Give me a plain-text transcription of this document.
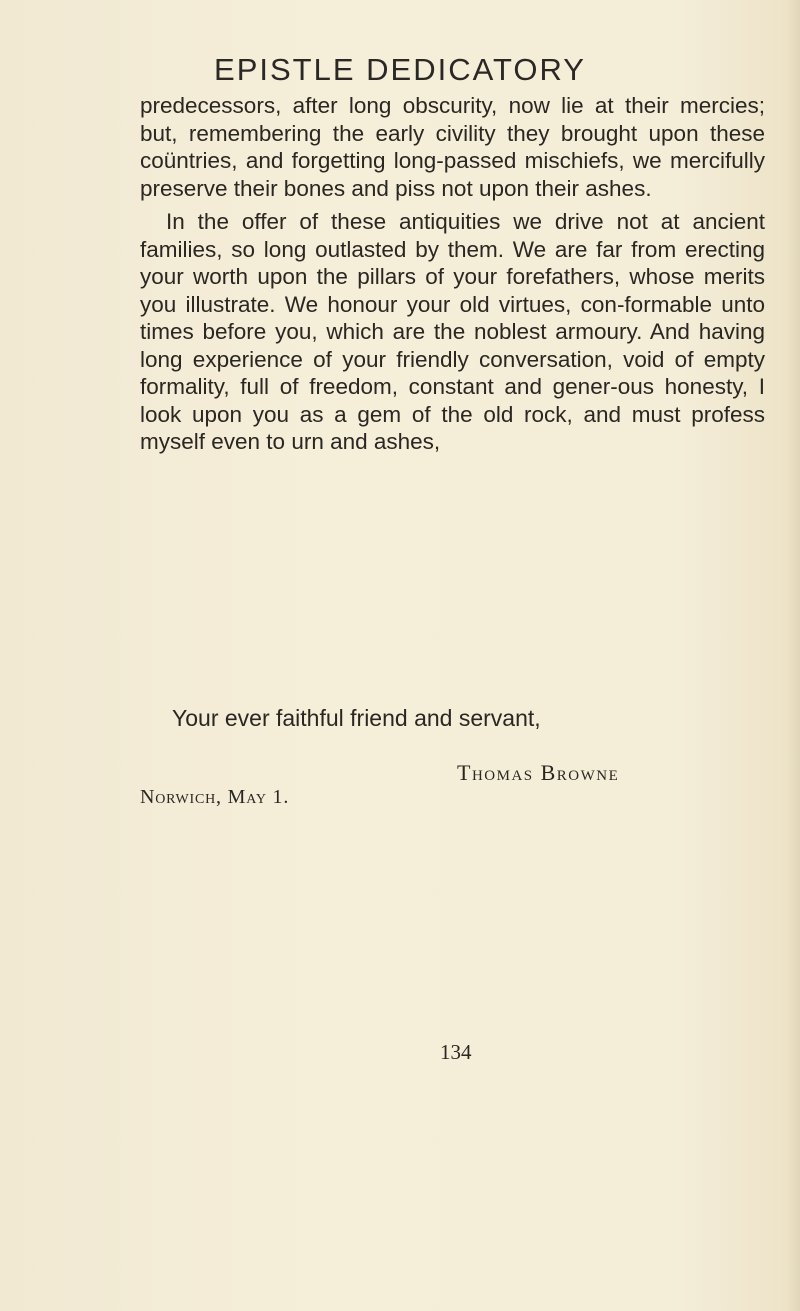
EPISTLE DEDICATORY

predecessors, after long obscurity, now lie at their mercies; but, remembering the early civility they brought upon these coüntries, and forgetting long-passed mischiefs, we mercifully preserve their bones and piss not upon their ashes.

In the offer of these antiquities we drive not at ancient families, so long outlasted by them. We are far from erecting your worth upon the pillars of your forefathers, whose merits you illustrate. We honour your old virtues, con-formable unto times before you, which are the noblest armoury. And having long experience of your friendly conversation, void of empty formality, full of freedom, constant and gener-ous honesty, I look upon you as a gem of the old rock, and must profess myself even to urn and ashes,

Your ever faithful friend and servant,
Thomas Browne
Norwich, May 1.
134
